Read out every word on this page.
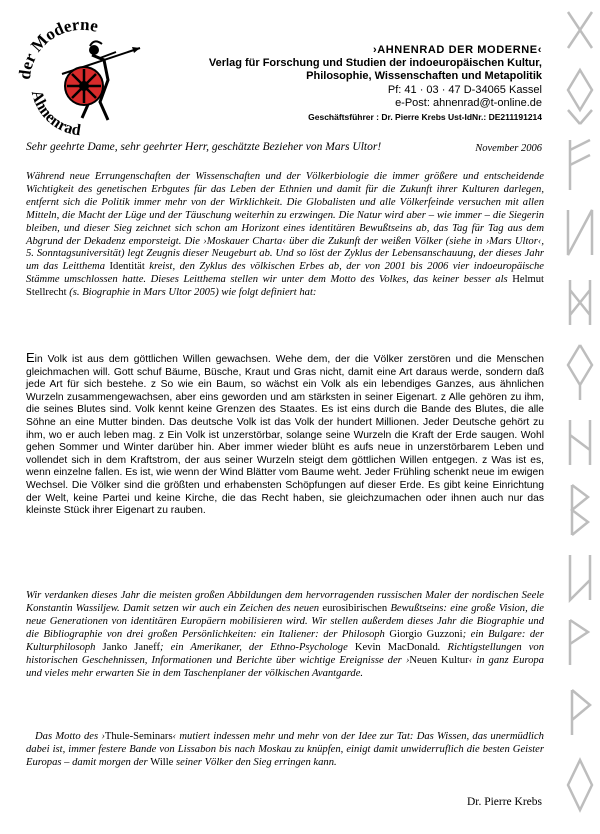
der Moderne
Ahnenrad
›AHNENRAD DER MODERNE‹
Verlag für Forschung und Studien der indoeuropäischen Kultur,
Philosophie, Wissenschaften und Metapolitik
Pf: 41 · 03 · 47 D-34065 Kassel
e-Post: ahnenrad@t-online.de
Geschäftsführer : Dr. Pierre Krebs Ust-IdNr.: DE211191214
Sehr geehrte Dame, sehr geehrter Herr, geschätzte Bezieher von Mars Ultor!	November 2006
Während neue Errungenschaften der Wissenschaften und der Völkerbiologie die immer größere und entscheidende Wichtigkeit des genetischen Erbgutes für das Leben der Ethnien und damit für die Zukunft ihrer Kulturen darlegen, entfernt sich die Politik immer mehr von der Wirklichkeit. Die Globalisten und alle Völkerfeinde versuchen mit allen Mitteln, die Macht der Lüge und der Täuschung weiterhin zu erzwingen. Die Natur wird aber – wie immer – die Siegerin bleiben, und dieser Sieg zeichnet sich schon am Horizont eines identitären Bewußtseins ab, das Tag für Tag aus dem Abgrund der Dekadenz emporsteigt. Die ›Moskauer Charta‹ über die Zukunft der weißen Völker (siehe in ›Mars Ultor‹, 5. Sonntagsuniversität) legt Zeugnis dieser Neugeburt ab. Und so löst der Zyklus der Lebensanschauung, der dieses Jahr um das Leitthema Identität kreist, den Zyklus des völkischen Erbes ab, der von 2001 bis 2006 vier indoeuropäische Stämme umschlossen hatte. Dieses Leitthema stellen wir unter dem Motto des Volkes, das keiner besser als Helmut Stellrecht (s. Biographie in Mars Ultor 2005) wie folgt definiert hat:
Ein Volk ist aus dem göttlichen Willen gewachsen. Wehe dem, der die Völker zerstören und die Menschen gleichmachen will. Gott schuf Bäume, Büsche, Kraut und Gras nicht, damit eine Art daraus werde, sondern daß jede Art für sich bestehe. z So wie ein Baum, so wächst ein Volk als ein lebendiges Ganzes, aus ähnlichen Wurzeln zusammengewachsen, aber eins geworden und am stärksten in seiner Eigenart. z Alle gehören zu ihm, die seines Blutes sind. Volk kennt keine Grenzen des Staates. Es ist eins durch die Bande des Blutes, die alle Söhne an eine Mutter binden. Das deutsche Volk ist das Volk der hundert Millionen. Jeder Deutsche gehört zu ihm, wo er auch leben mag. z Ein Volk ist unzerstörbar, solange seine Wurzeln die Kraft der Erde saugen. Wohl gehen Sommer und Winter darüber hin. Aber immer wieder blüht es aufs neue in unzerstörbarem Leben und vollendet sich in dem Kraftstrom, der aus seiner Wurzeln steigt dem göttlichen Willen entgegen. z Was ist es, wenn einzelne fallen. Es ist, wie wenn der Wind Blätter vom Baume weht. Jeder Frühling schenkt neue im ewigen Wechsel. Die Völker sind die größten und erhabensten Schöpfungen auf dieser Erde. Es gibt keine Einrichtung der Welt, keine Partei und keine Kirche, die das Recht haben, sie gleichzumachen oder ihnen auch nur das kleinste Stück ihrer Eigenart zu rauben.
Wir verdanken dieses Jahr die meisten großen Abbildungen dem hervorragenden russischen Maler der nordischen Seele Konstantin Wassiljew. Damit setzen wir auch ein Zeichen des neuen eurosibirischen Bewußtseins: eine große Vision, die neue Generationen von identitären Europäern mobilisieren wird. Wir stellen außerdem dieses Jahr die Biographie und die Bibliographie von drei großen Persönlichkeiten: ein Italiener: der Philosoph Giorgio Guzzoni; ein Bulgare: der Kulturphilosoph Janko Janeff; ein Amerikaner, der Ethno-Psychologe Kevin MacDonald. Richtigstellungen von historischen Geschehnissen, Informationen und Berichte über wichtige Ereignisse der ›Neuen Kultur‹ in ganz Europa und vieles mehr erwarten Sie in dem Taschenplaner der völkischen Avantgarde.
Das Motto des ›Thule-Seminars‹ mutiert indessen mehr und mehr von der Idee zur Tat: Das Wissen, das unermüdlich dabei ist, immer festere Bande von Lissabon bis nach Moskau zu knüpfen, einigt damit unwiderruflich die besten Geister Europas – damit morgen der Wille seiner Völker den Sieg erringen kann.
Dr. Pierre Krebs
